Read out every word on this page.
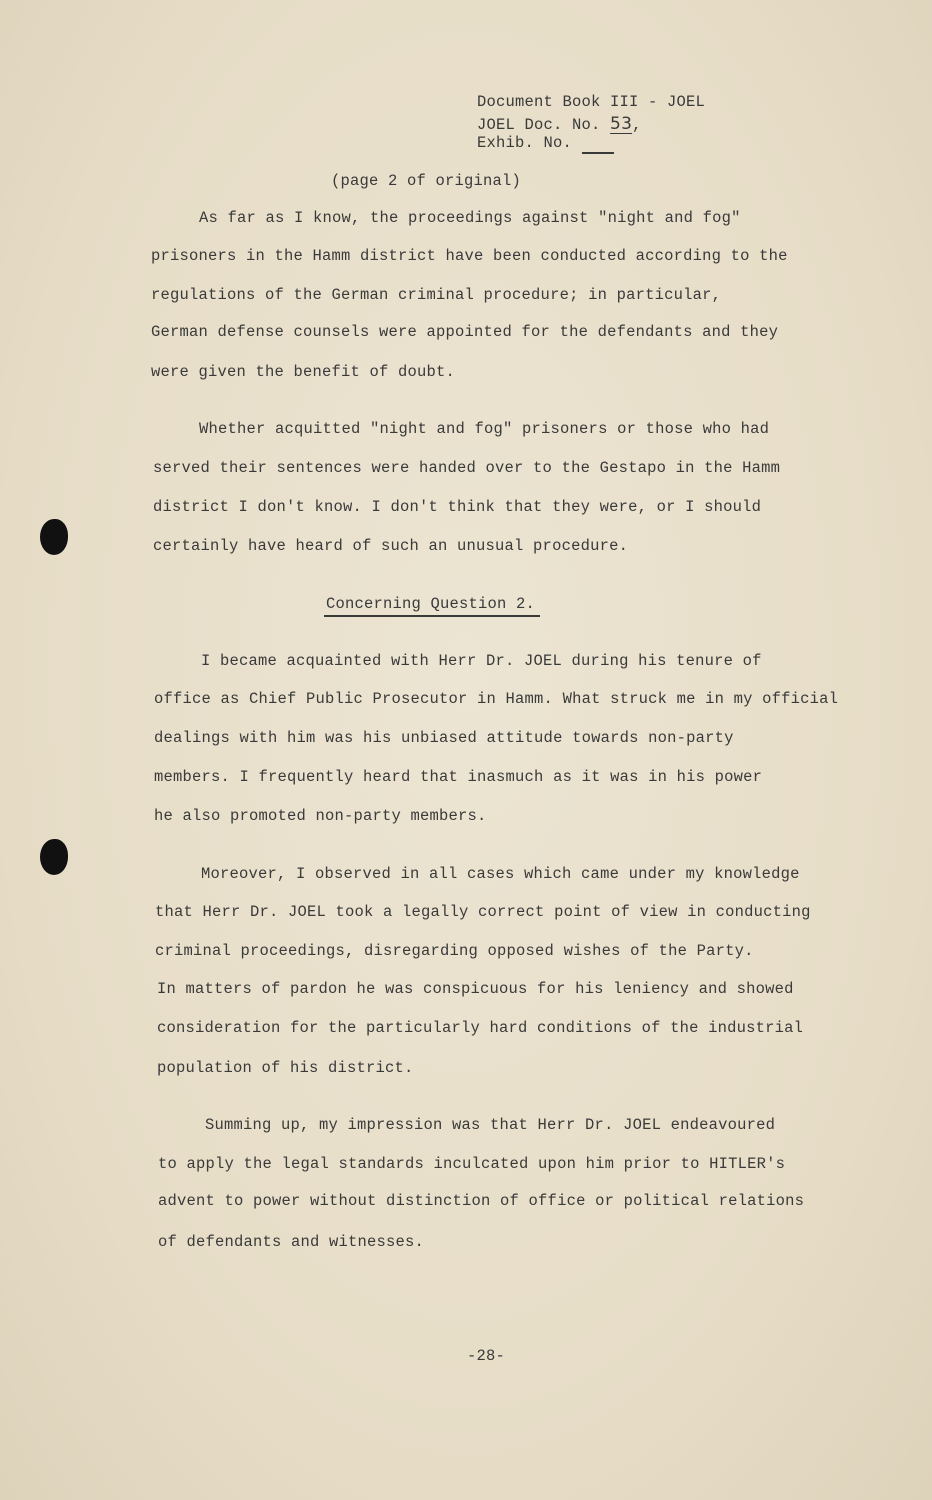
Document Book III - JOEL
JOEL Doc. No. 53,
Exhib. No.
(page 2 of original)
As far as I know, the proceedings against "night and fog"
prisoners in the Hamm district have been conducted according to the
regulations of the German criminal procedure; in particular,
German defense counsels were appointed for the defendants and they
were given the benefit of doubt.
Whether acquitted "night and fog" prisoners or those who had
served their sentences were handed over to the Gestapo in the Hamm
district I don't know. I don't think that they were, or I should
certainly have heard of such an unusual procedure.
Concerning Question 2.
I became acquainted with Herr Dr. JOEL during his tenure of
office as Chief Public Prosecutor in Hamm. What struck me in my official
dealings with him was his unbiased attitude towards non-party
members. I frequently heard that inasmuch as it was in his power
he also promoted non-party members.
Moreover, I observed in all cases which came under my knowledge
that Herr Dr. JOEL took a legally correct point of view in conducting
criminal proceedings, disregarding opposed wishes of the Party.
In matters of pardon he was conspicuous for his leniency and showed
consideration for the particularly hard conditions of the industrial
population of his district.
Summing up, my impression was that Herr Dr. JOEL endeavoured
to apply the legal standards inculcated upon him prior to HITLER's
advent to power without distinction of office or political relations
of defendants and witnesses.
-28-
